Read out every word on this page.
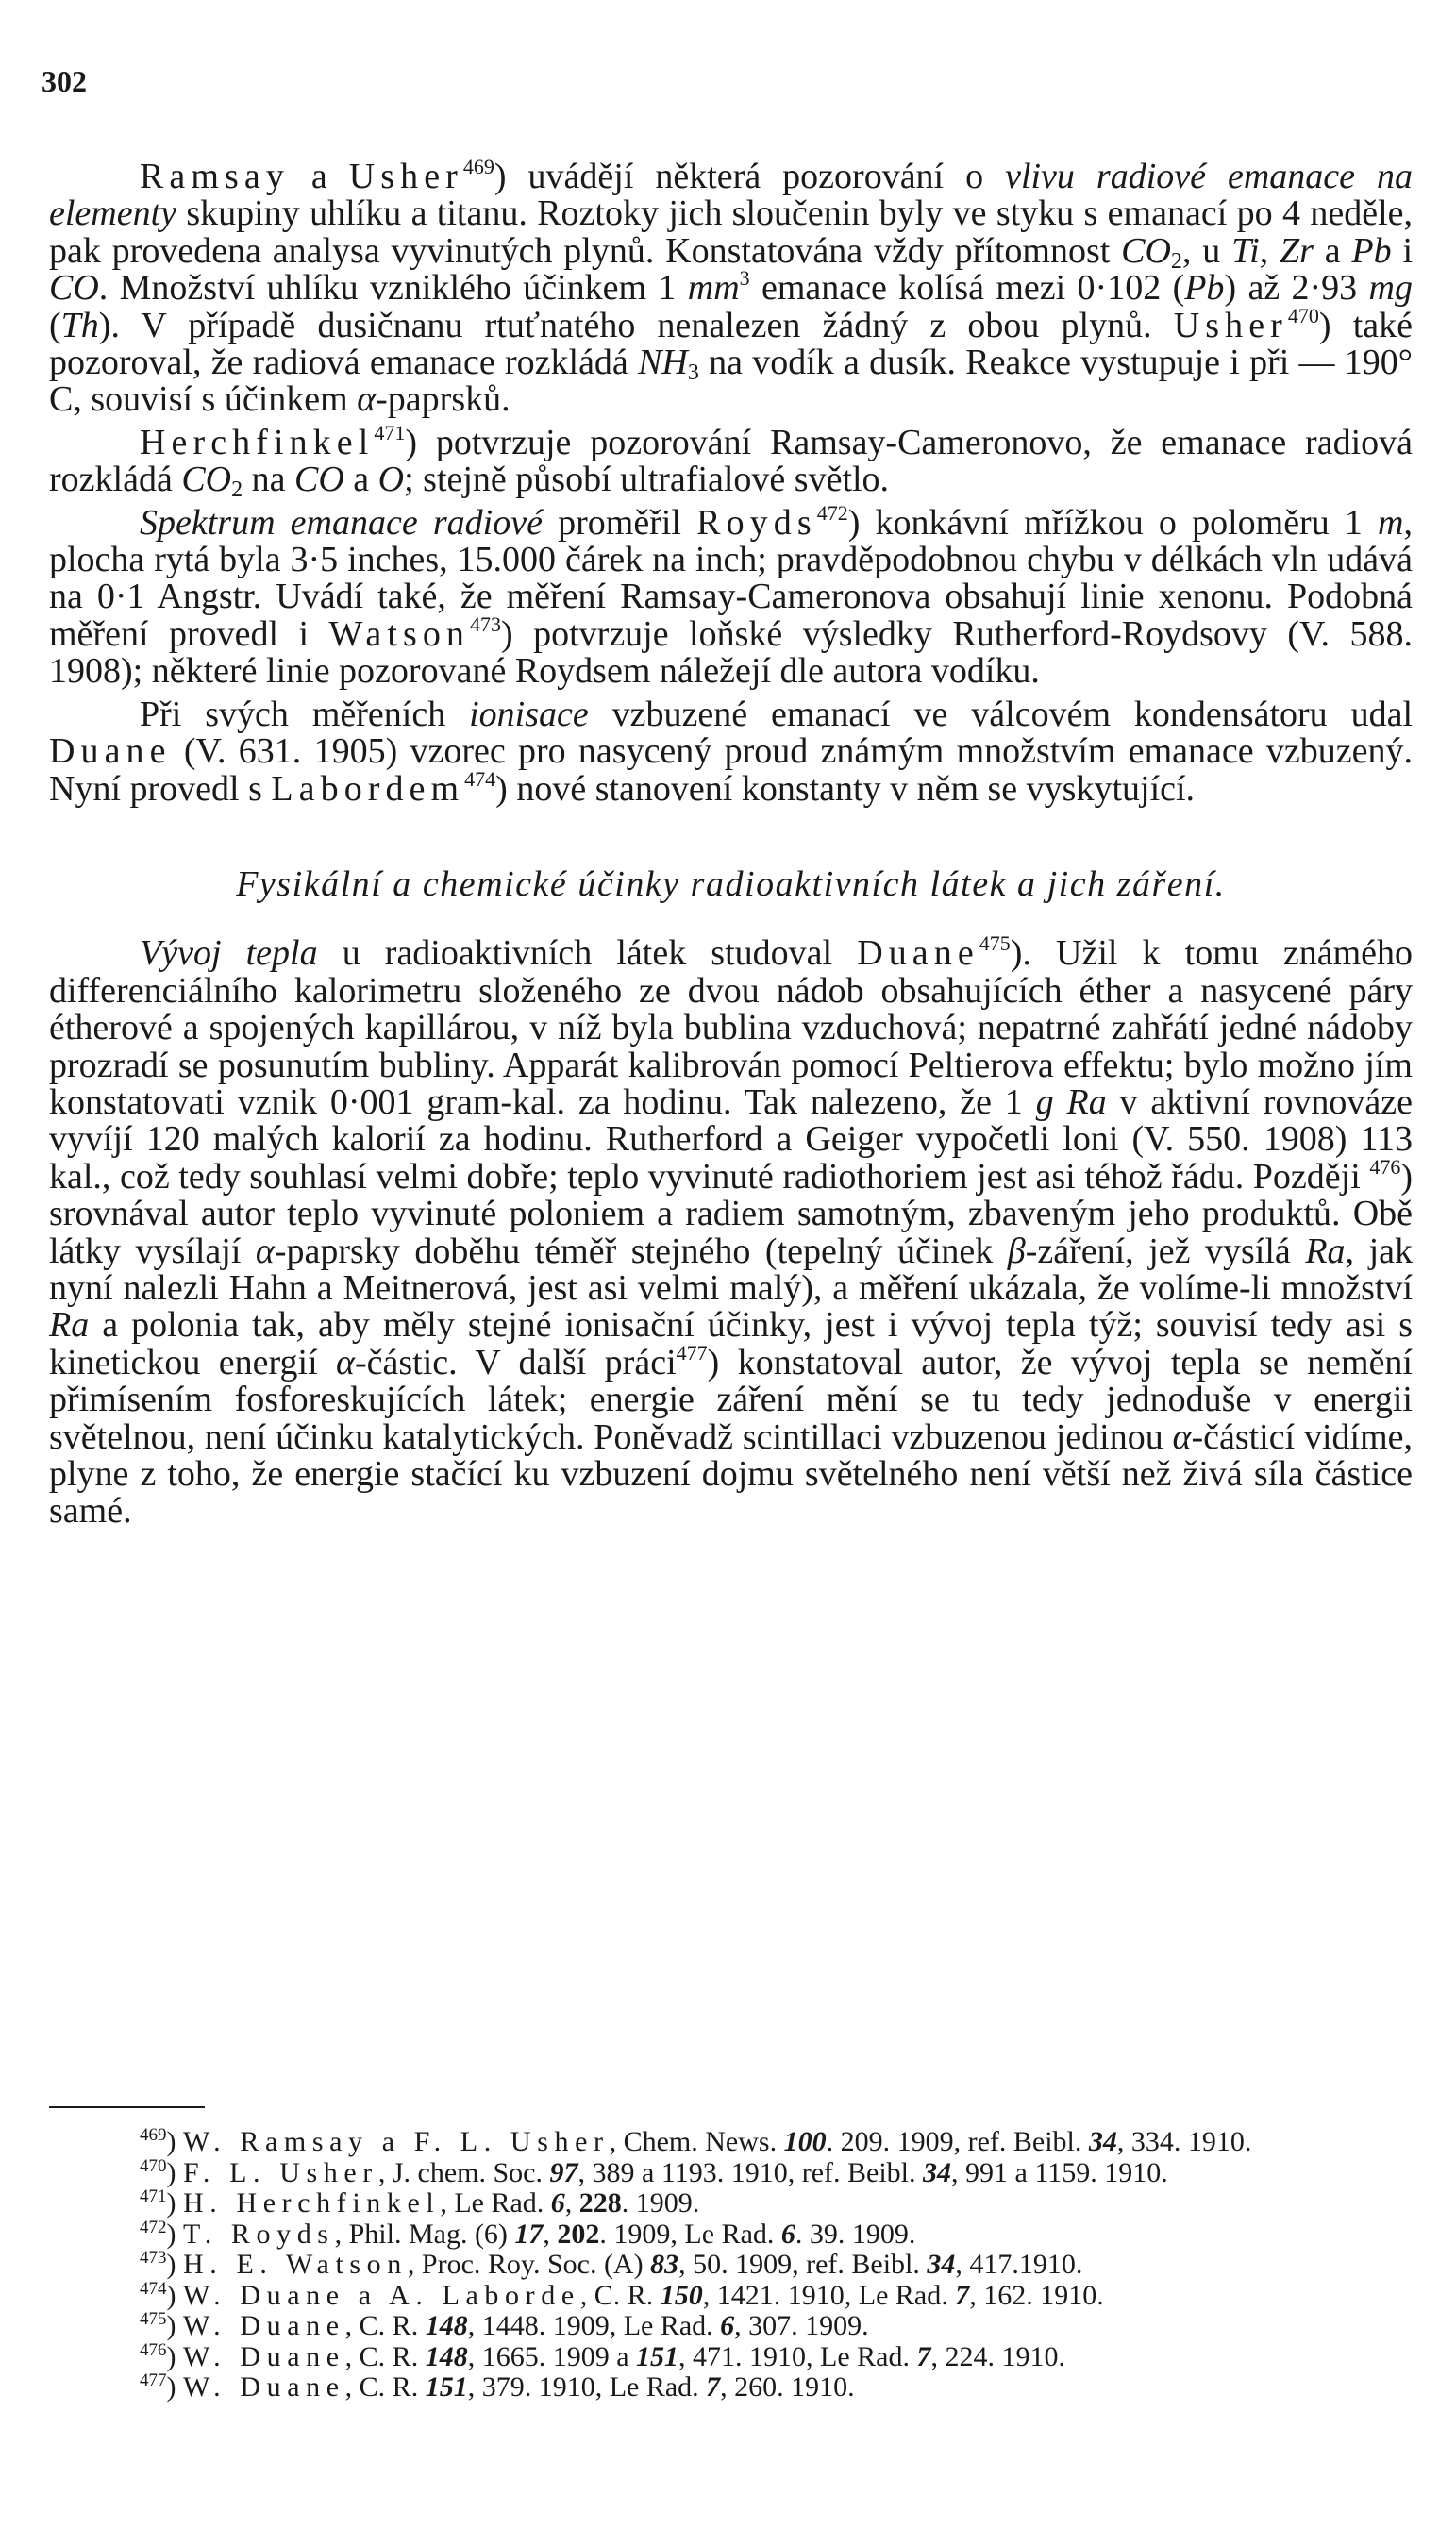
302

Ramsay a Usher$^{469}$) uvádějí některá pozorování o vlivu radiové emanace na elementy skupiny uhlíku a titanu. Roztoky jich sloučenin byly ve styku s emanací po 4 neděle, pak provedena analysa vyvinutých plynů. Konstatována vždy přítomnost $CO_2$, u Ti, Zr a Pb i CO. Množství uhlíku vzniklého účinkem 1 $mm^3$ emanace kolísá mezi 0·102 (Pb) až 2·93 mg (Th). V případě dusičnanu rtuťnatého nenalezen žádný z obou plynů. Usher$^{470}$) také pozoroval, že radiová emanace rozkládá $NH_3$ na vodík a dusík. Reakce vystupuje i při — 190° C, souvisí s účinkem α-paprsků.

Herchfinkel$^{471}$) potvrzuje pozorování Ramsay-Cameronovo, že emanace radiová rozkládá $CO_2$ na CO a O; stejně působí ultrafialové světlo.

Spektrum emanace radiové proměřil Royds$^{472}$) konkávní mřížkou o poloměru 1 m, plocha rytá byla 3·5 inches, 15.000 čárek na inch; pravděpodobnou chybu v délkách vln udává na 0·1 Angstr. Uvádí také, že měření Ramsay-Cameronova obsahují linie xenonu. Podobná měření provedl i Watson$^{473}$) potvrzuje loňské výsledky Rutherford-Roydsovy (V. 588. 1908); některé linie pozorované Roydsem náležejí dle autora vodíku.

Při svých měřeních ionisace vzbuzené emanací ve válcovém kondensátoru udal Duane (V. 631. 1905) vzorec pro nasycený proud známým množstvím emanace vzbuzený. Nyní provedl s Labordem$^{474}$) nové stanovení konstanty v něm se vyskytující.

Fysikální a chemické účinky radioaktivních látek a jich záření.

Vývoj tepla u radioaktivních látek studoval Duane$^{475}$). Užil k tomu známého differenciálního kalorimetru složeného ze dvou nádob obsahujících éther a nasycené páry étherové a spojených kapillárou, v níž byla bublina vzduchová; nepatrné zahřátí jedné nádoby prozradí se posunutím bubliny. Apparát kalibrován pomocí Peltierova effektu; bylo možno jím konstatovati vznik 0·001 gram-kal. za hodinu. Tak nalezeno, že 1 g Ra v aktivní rovnováze vyvíjí 120 malých kalorií za hodinu. Rutherford a Geiger vypočetli loni (V. 550. 1908) 113 kal., což tedy souhlasí velmi dobře; teplo vyvinuté radiothoriem jest asi téhož řádu. Později $^{476}$) srovnával autor teplo vyvinuté poloniem a radiem samotným, zbaveným jeho produktů. Obě látky vysílají α-paprsky doběhu téměř stejného (tepelný účinek β-záření, jež vysílá Ra, jak nyní nalezli Hahn a Meitnerová, jest asi velmi malý), a měření ukázala, že volíme-li množství Ra a polonia tak, aby měly stejné ionisační účinky, jest i vývoj tepla týž; souvisí tedy asi s kinetickou energií α-částic. V další práci$^{477}$) konstatoval autor, že vývoj tepla se nemění přimísením fosforeskujících látek; energie záření mění se tu tedy jednoduše v energii světelnou, není účinku katalytických. Poněvadž scintillaci vzbuzenou jedinou α-částicí vidíme, plyne z toho, že energie stačící ku vzbuzení dojmu světelného není větší než živá síla částice samé.

$^{469}$) W. Ramsay a F. L. Usher, Chem. News. 100. 209. 1909, ref. Beibl. 34, 334. 1910.

$^{470}$) F. L. Usher, J. chem. Soc. 97, 389 a 1193. 1910, ref. Beibl. 34, 991 a 1159. 1910.

$^{471}$) H. Herchfinkel, Le Rad. 6, 228. 1909.

$^{472}$) T. Royds, Phil. Mag. (6) 17, 202. 1909, Le Rad. 6. 39. 1909.

$^{473}$) H. E. Watson, Proc. Roy. Soc. (A) 83, 50. 1909, ref. Beibl. 34, 417.1910.

$^{474}$) W. Duane a A. Laborde, C. R. 150, 1421. 1910, Le Rad. 7, 162. 1910.

$^{475}$) W. Duane, C. R. 148, 1448. 1909, Le Rad. 6, 307. 1909.

$^{476}$) W. Duane, C. R. 148, 1665. 1909 a 151, 471. 1910, Le Rad. 7, 224. 1910.

$^{477}$) W. Duane, C. R. 151, 379. 1910, Le Rad. 7, 260. 1910.
